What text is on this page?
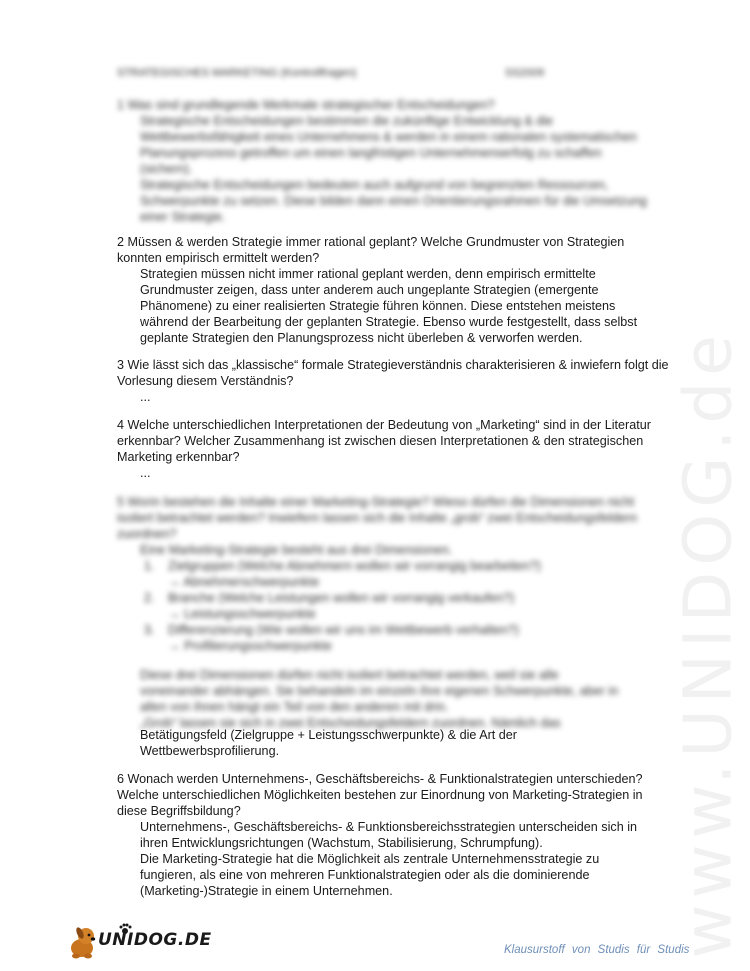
www.UNIDOG.de
STRATEGISCHES MARKETING (Kontrollfragen)	SS2009
1 Was sind grundlegende Merkmale strategischer Entscheidungen?
Strategische Entscheidungen bestimmen die zukünftige Entwicklung & die
Wettbewerbsfähigkeit eines Unternehmens & werden in einem rationalen systematischen
Planungsprozess getroffen um einen langfristigen Unternehmenserfolg zu schaffen
(sichern).
Strategische Entscheidungen bedeuten auch aufgrund von begrenzten Ressourcen,
Schwerpunkte zu setzen. Diese bilden dann einen Orientierungsrahmen für die Umsetzung
einer Strategie.
2 Müssen & werden Strategie immer rational geplant? Welche Grundmuster von Strategien
konnten empirisch ermittelt werden?
Strategien müssen nicht immer rational geplant werden, denn empirisch ermittelte
Grundmuster zeigen, dass unter anderem auch ungeplante Strategien (emergente
Phänomene) zu einer realisierten Strategie führen können. Diese entstehen meistens
während der Bearbeitung der geplanten Strategie. Ebenso wurde festgestellt, dass selbst
geplante Strategien den Planungsprozess nicht überleben & verworfen werden.
3 Wie lässt sich das „klassische“ formale Strategieverständnis charakterisieren & inwiefern folgt die
Vorlesung diesem Verständnis?
...
4 Welche unterschiedlichen Interpretationen der Bedeutung von „Marketing“ sind in der Literatur
erkennbar? Welcher Zusammenhang ist zwischen diesen Interpretationen & den strategischen
Marketing erkennbar?
...
5 Worin bestehen die Inhalte einer Marketing-Strategie? Wieso dürfen die Dimensionen nicht
isoliert betrachtet werden? Inwiefern lassen sich die Inhalte „grob“ zwei Entscheidungsfeldern
zuordnen?
Eine Marketing-Strategie besteht aus drei Dimensionen.
1. Zielgruppen (Welche Abnehmern wollen wir vorrangig bearbeiten?)
→ Abnehmerschwerpunkte
2. Branche (Welche Leistungen wollen wir vorrangig verkaufen?)
→ Leistungsschwerpunkte
3. Differenzierung (Wie wollen wir uns im Wettbewerb verhalten?)
→ Profilierungsschwerpunkte
Diese drei Dimensionen dürfen nicht isoliert betrachtet werden, weil sie alle
voneinander abhängen. Sie behandeln im einzeln ihre eigenen Schwerpunkte, aber in
allen von ihnen hängt ein Teil von den anderen mit drin.
„Grob“ lassen sie sich in zwei Entscheidungsfeldern zuordnen. Nämlich das
Betätigungsfeld (Zielgruppe + Leistungsschwerpunkte) & die Art der
Wettbewerbsprofilierung.
6 Wonach werden Unternehmens-, Geschäftsbereichs- & Funktionalstrategien unterschieden?
Welche unterschiedlichen Möglichkeiten bestehen zur Einordnung von Marketing-Strategien in
diese Begriffsbildung?
Unternehmens-, Geschäftsbereichs- & Funktionsbereichsstrategien unterscheiden sich in
ihren Entwicklungsrichtungen (Wachstum, Stabilisierung, Schrumpfung).
Die Marketing-Strategie hat die Möglichkeit als zentrale Unternehmensstrategie zu
fungieren, als eine von mehreren Funktionalstrategien oder als die dominierende
(Marketing-)Strategie in einem Unternehmen.
UNIDOG.DE	Klausurstoff von Studis für Studis
